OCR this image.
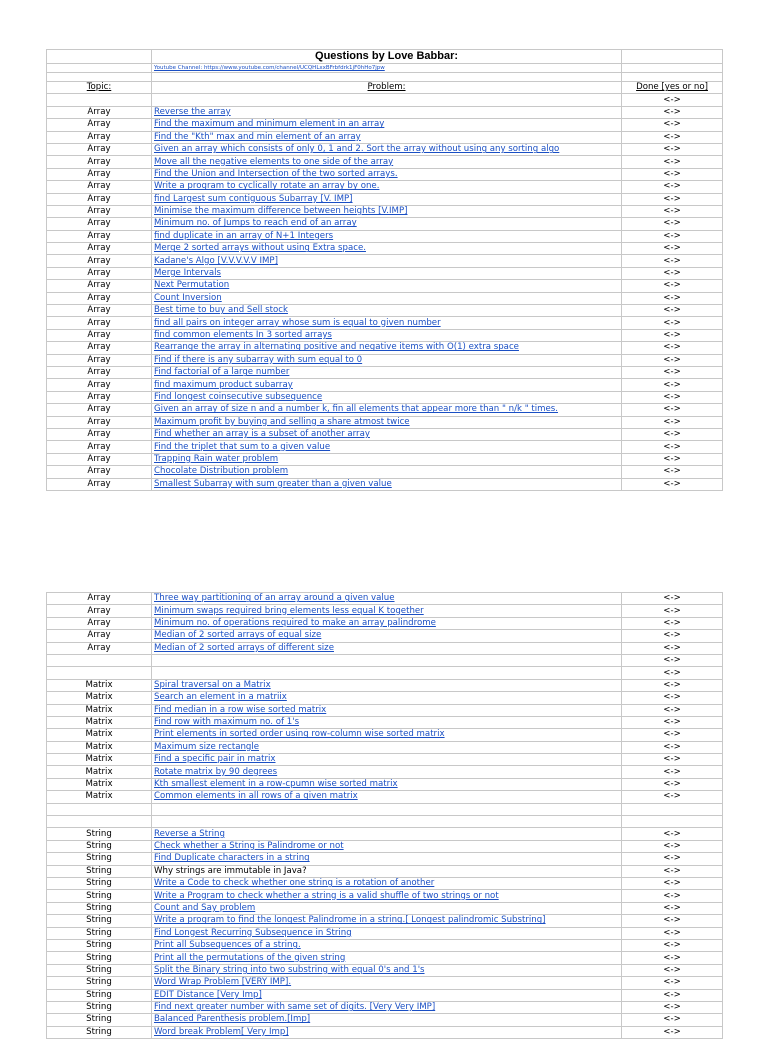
	Questions by Love Babbar:	
	Youtube Channel: https://www.youtube.com/channel/UCQHLxxBFrbfdrk1jF0hHo7jpw	

Topic:	Problem:	Done [yes or no]
		<->
Array	Reverse the array	<->
Array	Find the maximum and minimum element in an array	<->
Array	Find the "Kth" max and min element of an array	<->
Array	Given an array which consists of only 0, 1 and 2. Sort the array without using any sorting algo	<->
Array	Move all the negative elements to one side of the array	<->
Array	Find the Union and Intersection of the two sorted arrays.	<->
Array	Write a program to cyclically rotate an array by one.	<->
Array	find Largest sum contiguous Subarray [V. IMP]	<->
Array	Minimise the maximum difference between heights [V.IMP]	<->
Array	Minimum no. of Jumps to reach end of an array	<->
Array	find duplicate in an array of N+1 Integers	<->
Array	Merge 2 sorted arrays without using Extra space.	<->
Array	Kadane's Algo [V.V.V.V.V IMP]	<->
Array	Merge Intervals	<->
Array	Next Permutation	<->
Array	Count Inversion	<->
Array	Best time to buy and Sell stock	<->
Array	find all pairs on integer array whose sum is equal to given number	<->
Array	find common elements In 3 sorted arrays	<->
Array	Rearrange the array in alternating positive and negative items with O(1) extra space	<->
Array	Find if there is any subarray with sum equal to 0	<->
Array	Find factorial of a large number	<->
Array	find maximum product subarray	<->
Array	Find longest coinsecutive subsequence	<->
Array	Given an array of size n and a number k, fin all elements that appear more than " n/k " times.	<->
Array	Maximum profit by buying and selling a share atmost twice	<->
Array	Find whether an array is a subset of another array	<->
Array	Find the triplet that sum to a given value	<->
Array	Trapping Rain water problem	<->
Array	Chocolate Distribution problem	<->
Array	Smallest Subarray with sum greater than a given value	<->
Array	Three way partitioning of an array around a given value	<->
Array	Minimum swaps required bring elements less equal K together	<->
Array	Minimum no. of operations required to make an array palindrome	<->
Array	Median of 2 sorted arrays of equal size	<->
Array	Median of 2 sorted arrays of different size	<->
		<->
		<->
Matrix	Spiral traversal on a Matrix	<->
Matrix	Search an element in a matriix	<->
Matrix	Find median in a row wise sorted matrix	<->
Matrix	Find row with maximum no. of 1's	<->
Matrix	Print elements in sorted order using row-column wise sorted matrix	<->
Matrix	Maximum size rectangle	<->
Matrix	Find a specific pair in matrix	<->
Matrix	Rotate matrix by 90 degrees	<->
Matrix	Kth smallest element in a row-cpumn wise sorted matrix	<->
Matrix	Common elements in all rows of a given matrix	<->

String	Reverse a String	<->
String	Check whether a String is Palindrome or not	<->
String	Find Duplicate characters in a string	<->
String	Why strings are immutable in Java?	<->
String	Write a Code to check whether one string is a rotation of another	<->
String	Write a Program to check whether a string is a valid shuffle of two strings or not	<->
String	Count and Say problem	<->
String	Write a program to find the longest Palindrome in a string.[ Longest palindromic Substring]	<->
String	Find Longest Recurring Subsequence in String	<->
String	Print all Subsequences of a string.	<->
String	Print all the permutations of the given string	<->
String	Split the Binary string into two substring with equal 0's and 1's	<->
String	Word Wrap Problem [VERY IMP].	<->
String	EDIT Distance [Very Imp]	<->
String	Find next greater number with same set of digits. [Very Very IMP]	<->
String	Balanced Parenthesis problem.[Imp]	<->
String	Word break Problem[ Very Imp]	<->
